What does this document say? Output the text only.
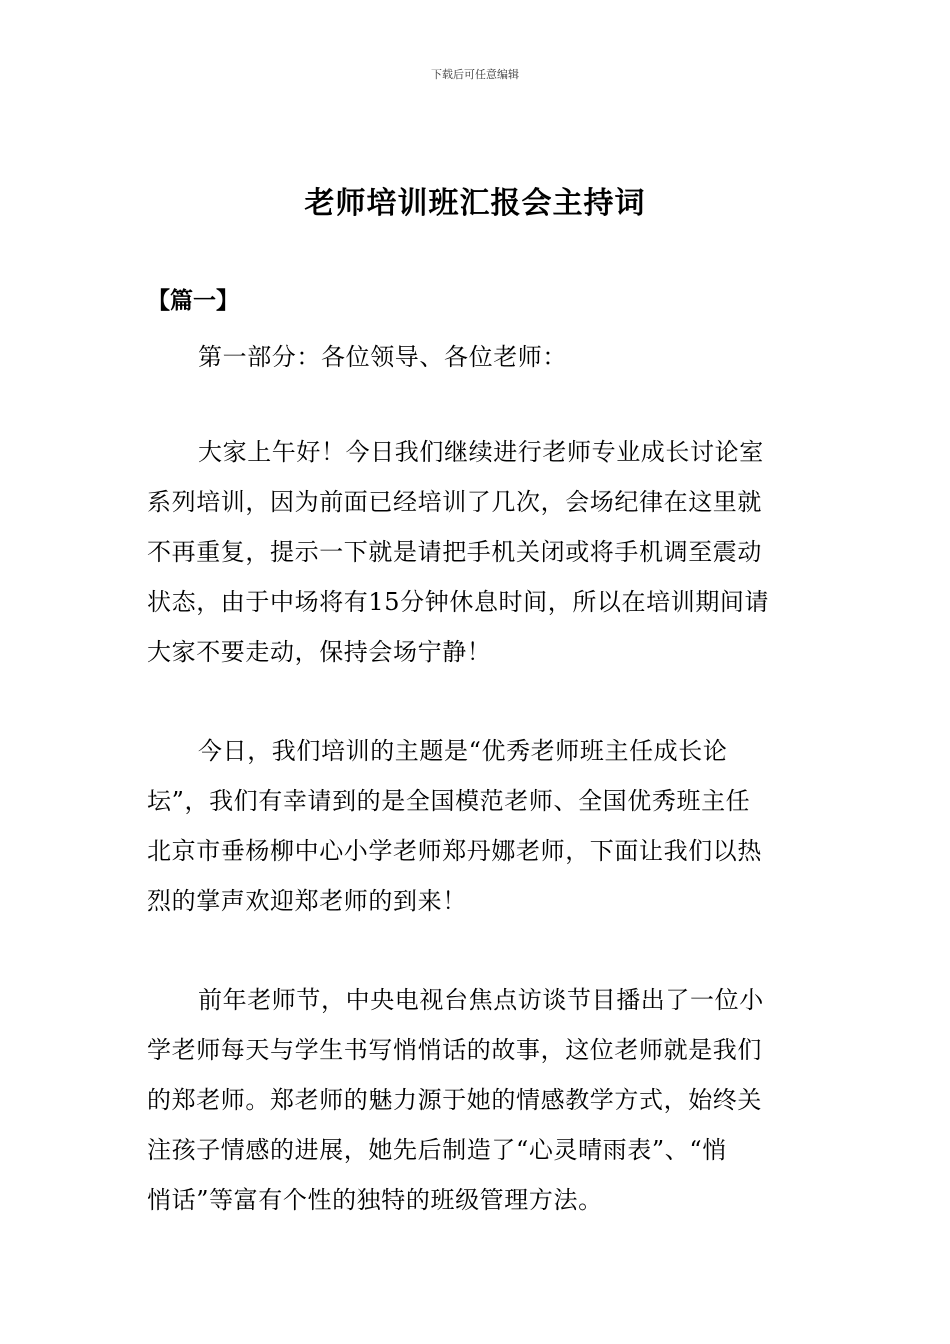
下载后可任意编辑
老师培训班汇报会主持词
【篇一】
第一部分：各位领导、各位老师：
大家上午好！今日我们继续进行老师专业成长讨论室
系列培训，因为前面已经培训了几次，会场纪律在这里就
不再重复，提示一下就是请把手机关闭或将手机调至震动
状态，由于中场将有15分钟休息时间，所以在培训期间请
大家不要走动，保持会场宁静！
今日，我们培训的主题是“优秀老师班主任成长论
坛”，我们有幸请到的是全国模范老师、全国优秀班主任
北京市垂杨柳中心小学老师郑丹娜老师，下面让我们以热
烈的掌声欢迎郑老师的到来！
前年老师节，中央电视台焦点访谈节目播出了一位小
学老师每天与学生书写悄悄话的故事，这位老师就是我们
的郑老师。郑老师的魅力源于她的情感教学方式，始终关
注孩子情感的进展，她先后制造了“心灵晴雨表”、“悄
悄话”等富有个性的独特的班级管理方法。
